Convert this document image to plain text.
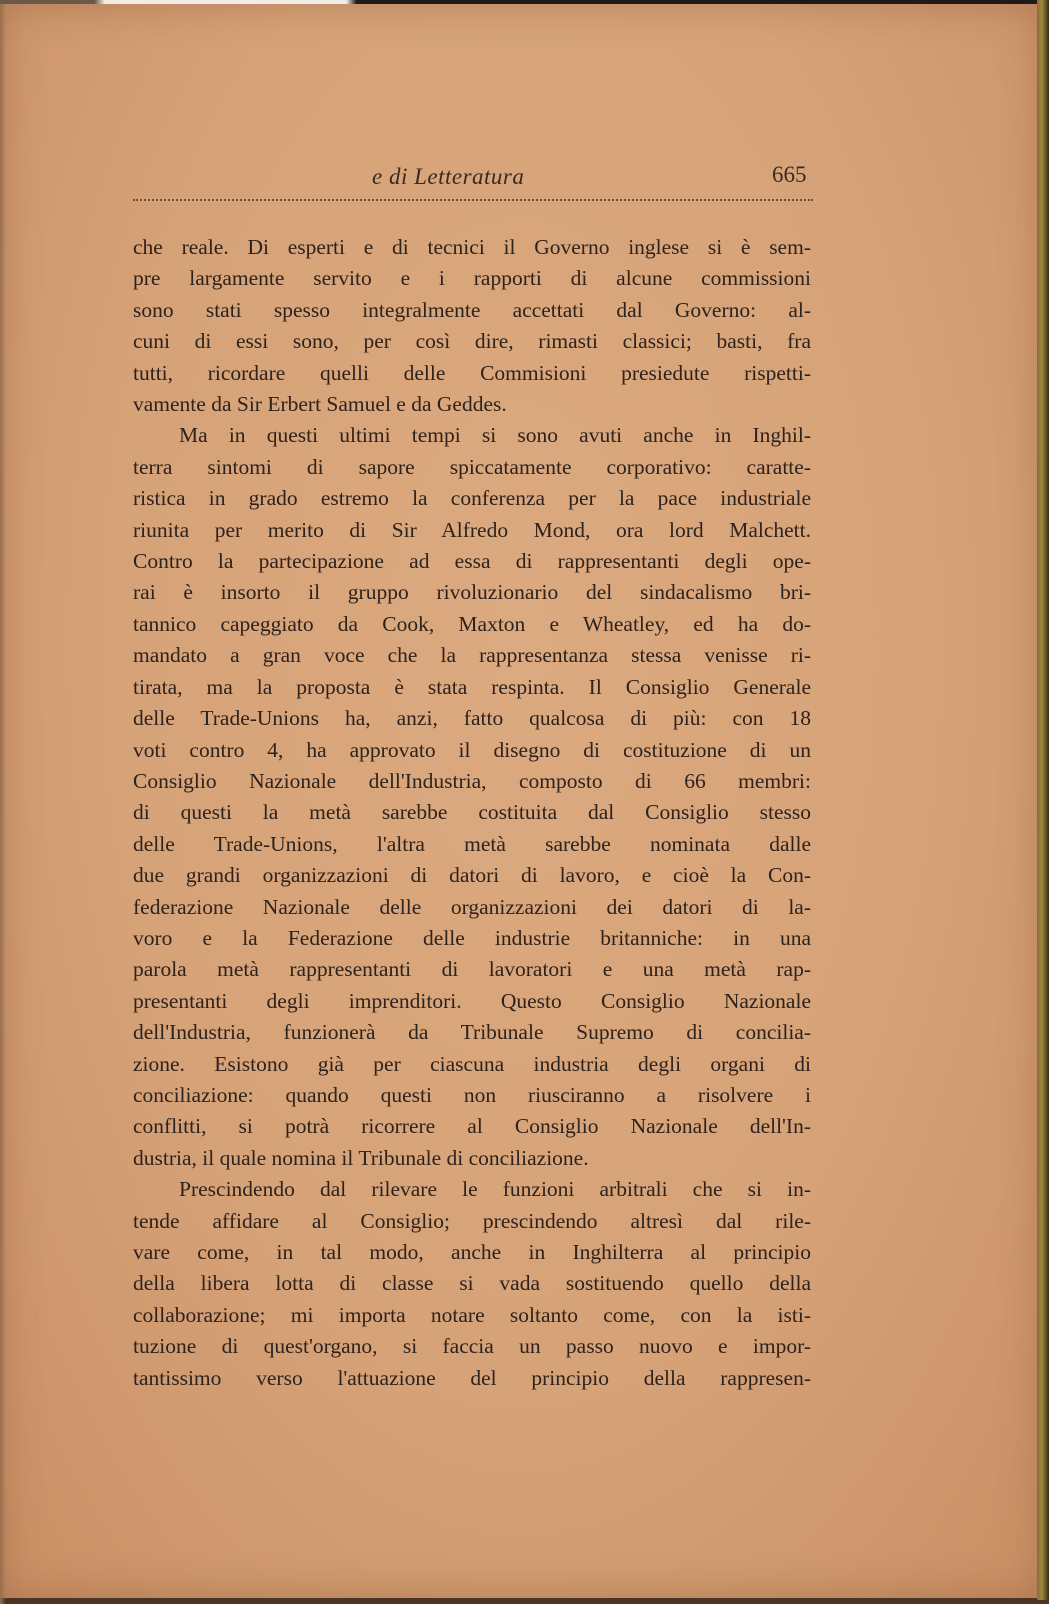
e di Letteratura	665
che reale. Di esperti e di tecnici il Governo inglese si è sem-
pre largamente servito e i rapporti di alcune commissioni
sono stati spesso integralmente accettati dal Governo: al-
cuni di essi sono, per così dire, rimasti classici; basti, fra
tutti, ricordare quelli delle Commisioni presiedute rispetti-
vamente da Sir Erbert Samuel e da Geddes.
Ma in questi ultimi tempi si sono avuti anche in Inghil-
terra sintomi di sapore spiccatamente corporativo: caratte-
ristica in grado estremo la conferenza per la pace industriale
riunita per merito di Sir Alfredo Mond, ora lord Malchett.
Contro la partecipazione ad essa di rappresentanti degli ope-
rai è insorto il gruppo rivoluzionario del sindacalismo bri-
tannico capeggiato da Cook, Maxton e Wheatley, ed ha do-
mandato a gran voce che la rappresentanza stessa venisse ri-
tirata, ma la proposta è stata respinta. Il Consiglio Generale
delle Trade-Unions ha, anzi, fatto qualcosa di più: con 18
voti contro 4, ha approvato il disegno di costituzione di un
Consiglio Nazionale dell'Industria, composto di 66 membri:
di questi la metà sarebbe costituita dal Consiglio stesso
delle Trade-Unions, l'altra metà sarebbe nominata dalle
due grandi organizzazioni di datori di lavoro, e cioè la Con-
federazione Nazionale delle organizzazioni dei datori di la-
voro e la Federazione delle industrie britanniche: in una
parola metà rappresentanti di lavoratori e una metà rap-
presentanti degli imprenditori. Questo Consiglio Nazionale
dell'Industria, funzionerà da Tribunale Supremo di concilia-
zione. Esistono già per ciascuna industria degli organi di
conciliazione: quando questi non riusciranno a risolvere i
conflitti, si potrà ricorrere al Consiglio Nazionale dell'In-
dustria, il quale nomina il Tribunale di conciliazione.
Prescindendo dal rilevare le funzioni arbitrali che si in-
tende affidare al Consiglio; prescindendo altresì dal rile-
vare come, in tal modo, anche in Inghilterra al principio
della libera lotta di classe si vada sostituendo quello della
collaborazione; mi importa notare soltanto come, con la isti-
tuzione di quest'organo, si faccia un passo nuovo e impor-
tantissimo verso l'attuazione del principio della rappresen-
